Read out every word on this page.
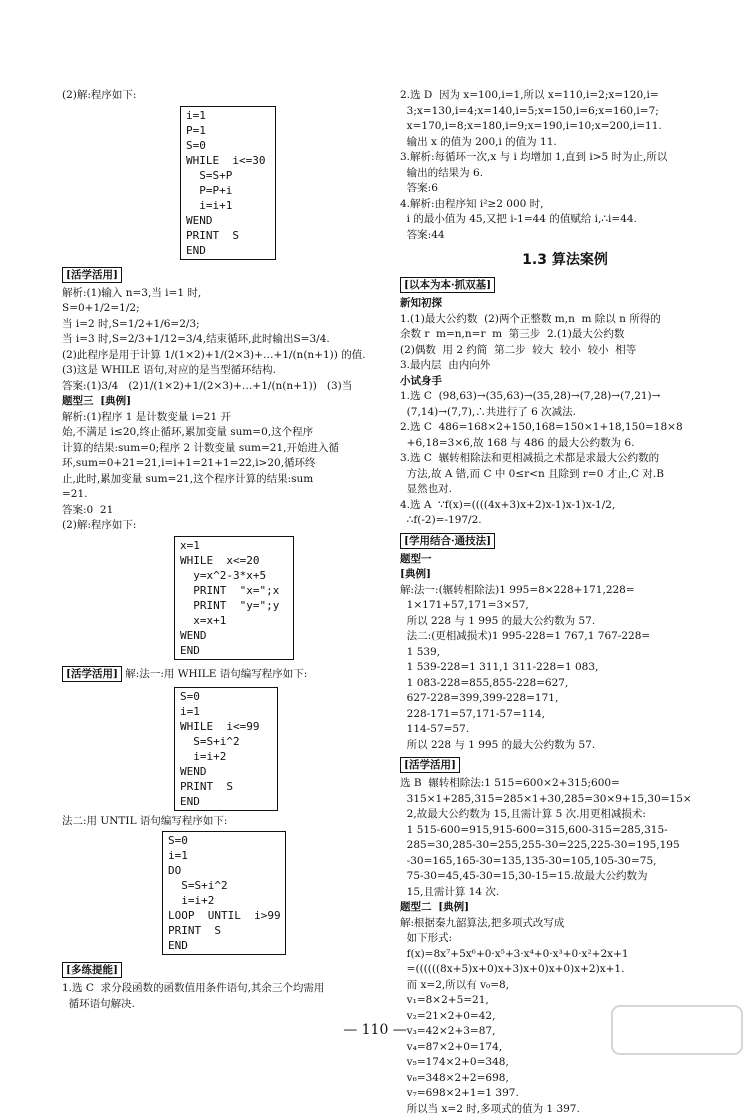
(2)解:程序如下:
i=1
P=1
S=0
WHILE  i<=30
S=S+P
P=P+i
i=i+1
WEND
PRINT  S
END
[活学活用]
解析:(1)输入 n=3,当 i=1 时,
S=0+1/2=1/2;
当 i=2 时,S=1/2+1/6=2/3;
当 i=3 时,S=2/3+1/12=3/4,结束循环,此时输出S=3/4.
(2)此程序是用于计算 1/(1×2)+1/(2×3)+…+1/(n(n+1)) 的值.
(3)这是 WHILE 语句,对应的是当型循环结构.
答案:(1)3/4   (2)1/(1×2)+1/(2×3)+…+1/(n(n+1))   (3)当
题型三 [典例]
解析:(1)程序 1 是计数变量 i=21 开
始,不满足 i≤20,终止循环,累加变量 sum=0,这个程序
计算的结果:sum=0;程序 2 计数变量 sum=21,开始进入循
环,sum=0+21=21,i=i+1=21+1=22,i>20,循环终
止,此时,累加变量 sum=21,这个程序计算的结果:sum
=21.
答案:0  21
(2)解:程序如下:
x=1
WHILE  x<=20
y=x^2-3*x+5
PRINT  "x=";x
PRINT  "y=";y
x=x+1
WEND
END
[活学活用] 解:法一:用 WHILE 语句编写程序如下:
S=0
i=1
WHILE  i<=99
S=S+i^2
i=i+2
WEND
PRINT  S
END
法二:用 UNTIL 语句编写程序如下:
S=0
i=1
DO
S=S+i^2
i=i+2
LOOP  UNTIL  i>99
PRINT  S
END
[多练提能]
1.选 C  求分段函数的函数值用条件语句,其余三个均需用
循环语句解决.
2.选 D  因为 x=100,i=1,所以 x=110,i=2;x=120,i=
3;x=130,i=4;x=140,i=5;x=150,i=6;x=160,i=7;
x=170,i=8;x=180,i=9;x=190,i=10;x=200,i=11.
输出 x 的值为 200,i 的值为 11.
3.解析:每循环一次,x 与 i 均增加 1,直到 i>5 时为止,所以
输出的结果为 6.
答案:6
4.解析:由程序知 i²≥2 000 时,
i 的最小值为 45,又把 i-1=44 的值赋给 i,∴i=44.
答案:44
1.3 算法案例
[以本为本·抓双基]
新知初探
1.(1)最大公约数  (2)两个正整数 m,n  m 除以 n 所得的
余数 r  m=n,n=r  m  第三步  2.(1)最大公约数
(2)偶数  用 2 约简  第二步  较大  较小  较小  相等
3.最内层  由内向外
小试身手
1.选 C  (98,63)→(35,63)→(35,28)→(7,28)→(7,21)→
(7,14)→(7,7),∴共进行了 6 次减法.
2.选 C  486=168×2+150,168=150×1+18,150=18×8
+6,18=3×6,故 168 与 486 的最大公约数为 6.
3.选 C  辗转相除法和更相减损之术都是求最大公约数的
方法,故 A 错,而 C 中 0≤r<n 且除到 r=0 才止,C 对.B
显然也对.
4.选 A  ∵f(x)=((((4x+3)x+2)x-1)x-1)x-1/2,
∴f(-2)=-197/2.
[学用结合·通技法]
题型一
[典例]
解:法一:(辗转相除法)1 995=8×228+171,228=
1×171+57,171=3×57,
所以 228 与 1 995 的最大公约数为 57.
法二:(更相减损术)1 995-228=1 767,1 767-228=
1 539,
1 539-228=1 311,1 311-228=1 083,
1 083-228=855,855-228=627,
627-228=399,399-228=171,
228-171=57,171-57=114,
114-57=57.
所以 228 与 1 995 的最大公约数为 57.
[活学活用]
选 B  辗转相除法:1 515=600×2+315;600=
315×1+285,315=285×1+30,285=30×9+15,30=15×
2,故最大公约数为 15,且需计算 5 次.用更相减损术:
1 515-600=915,915-600=315,600-315=285,315-
285=30,285-30=255,255-30=225,225-30=195,195
-30=165,165-30=135,135-30=105,105-30=75,
75-30=45,45-30=15,30-15=15.故最大公约数为
15,且需计算 14 次.
题型二 [典例]
解:根据秦九韶算法,把多项式改写成
如下形式:
f(x)=8x⁷+5x⁶+0·x⁵+3·x⁴+0·x³+0·x²+2x+1
=((((((8x+5)x+0)x+3)x+0)x+0)x+2)x+1.
而 x=2,所以有 v₀=8,
v₁=8×2+5=21,
v₂=21×2+0=42,
v₃=42×2+3=87,
v₄=87×2+0=174,
v₅=174×2+0=348,
v₆=348×2+2=698,
v₇=698×2+1=1 397.
所以当 x=2 时,多项式的值为 1 397.
— 110 —
